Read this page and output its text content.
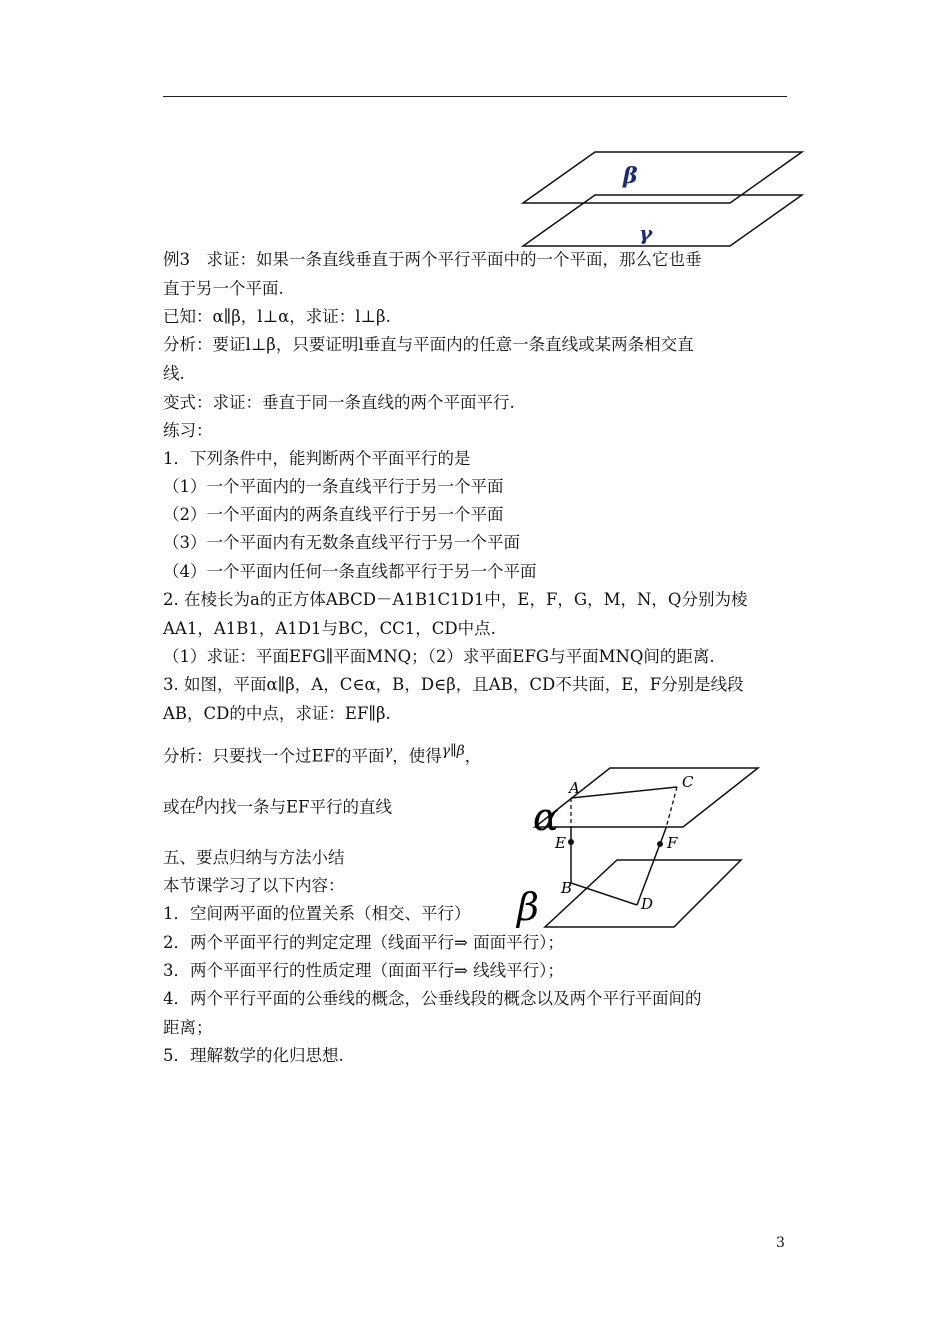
β
γ
例3　求证：如果一条直线垂直于两个平行平面中的一个平面，那么它也垂
直于另一个平面.
已知：α∥β，l⊥α，求证：l⊥β.
分析：要证l⊥β，只要证明l垂直与平面内的任意一条直线或某两条相交直
线.
变式：求证：垂直于同一条直线的两个平面平行.
练习：
1．下列条件中，能判断两个平面平行的是
（1）一个平面内的一条直线平行于另一个平面
（2）一个平面内的两条直线平行于另一个平面
（3）一个平面内有无数条直线平行于另一个平面
（4）一个平面内任何一条直线都平行于另一个平面
2. 在棱长为a的正方体ABCD－A1B1C1D1中，E，F，G，M，N，Q分别为棱
AA1，A1B1，A1D1与BC，CC1，CD中点.
（1）求证：平面EFG∥平面MNQ；（2）求平面EFG与平面MNQ间的距离.
3. 如图，平面α∥β，A，C∈α，B，D∈β，且AB，CD不共面，E，F分别是线段
AB，CD的中点，求证：EF∥β.
分析：只要找一个过EF的平面$^\gamma$，使得$^{\gamma\parallel\beta}$，
或在$^\beta$内找一条与EF平行的直线
A	C
E	F
B
D
α
β
五、要点归纳与方法小结
本节课学习了以下内容：
1．空间两平面的位置关系（相交、平行）
2．两个平面平行的判定定理（线面平行⇒ 面面平行）；
3．两个平面平行的性质定理（面面平行⇒ 线线平行）；
4．两个平行平面的公垂线的概念，公垂线段的概念以及两个平行平面间的
距离；
5．理解数学的化归思想.
3
